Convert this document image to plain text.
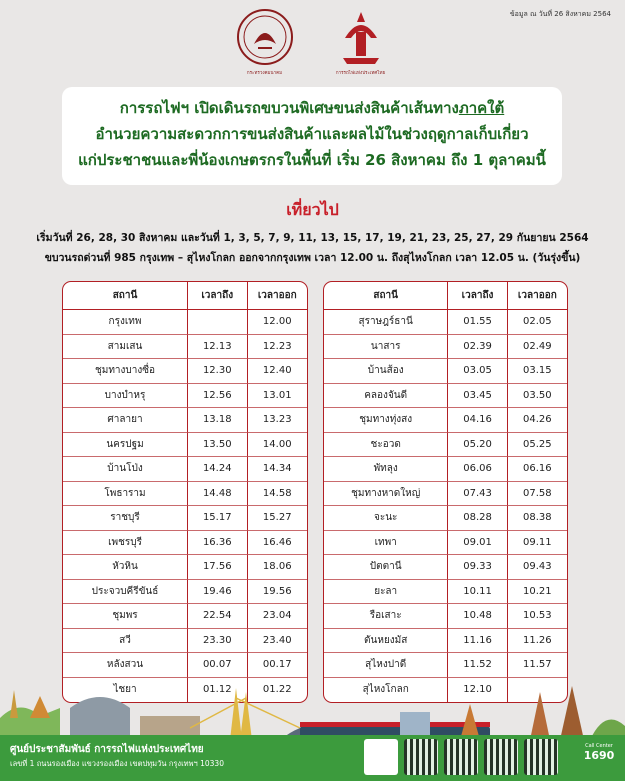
ข้อมูล ณ วันที่ 26 สิงหาคม 2564
กระทรวงคมนาคม	การรถไฟแห่งประเทศไทย

การรถไฟฯ เปิดเดินรถขบวนพิเศษขนส่งสินค้าเส้นทางภาคใต้

อำนวยความสะดวกการขนส่งสินค้าและผลไม้ในช่วงฤดูกาลเก็บเกี่ยว

แก่ประชาชนและพี่น้องเกษตรกรในพื้นที่ เริ่ม 26 สิงหาคม ถึง 1 ตุลาคมนี้

เที่ยวไป
เริ่มวันที่ 26, 28, 30 สิงหาคม และวันที่ 1, 3, 5, 7, 9, 11, 13, 15, 17, 19, 21, 23, 25, 27, 29 กันยายน 2564
ขบวนรถด่วนที่ 985 กรุงเทพ – สุไหงโกลก ออกจากกรุงเทพ เวลา 12.00 น. ถึงสุไหงโกลก เวลา 12.05 น. (วันรุ่งขึ้น)
สถานี	เวลาถึง	เวลาออก
กรุงเทพ		12.00
สามเสน	12.13	12.23
ชุมทางบางซื่อ	12.30	12.40
บางบำหรุ	12.56	13.01
ศาลายา	13.18	13.23
นครปฐม	13.50	14.00
บ้านโป่ง	14.24	14.34
โพธาราม	14.48	14.58
ราชบุรี	15.17	15.27
เพชรบุรี	16.36	16.46
หัวหิน	17.56	18.06
ประจวบคีรีขันธ์	19.46	19.56
ชุมพร	22.54	23.04
สวี	23.30	23.40
หลังสวน	00.07	00.17
ไชยา	01.12	01.22
สถานี	เวลาถึง	เวลาออก
สุราษฎร์ธานี	01.55	02.05
นาสาร	02.39	02.49
บ้านส้อง	03.05	03.15
คลองจันดี	03.45	03.50
ชุมทางทุ่งสง	04.16	04.26
ชะอวด	05.20	05.25
พัทลุง	06.06	06.16
ชุมทางหาดใหญ่	07.43	07.58
จะนะ	08.28	08.38
เทพา	09.01	09.11
ปัตตานี	09.33	09.43
ยะลา	10.11	10.21
รือเสาะ	10.48	10.53
ตันหยงมัส	11.16	11.26
สุไหงปาดี	11.52	11.57
สุไหงโกลก	12.10	
ศูนย์ประชาสัมพันธ์ การรถไฟแห่งประเทศไทย
เลขที่ 1 ถนนรองเมือง แขวงรองเมือง เขตปทุมวัน กรุงเทพฯ 10330
Call Center
1690
